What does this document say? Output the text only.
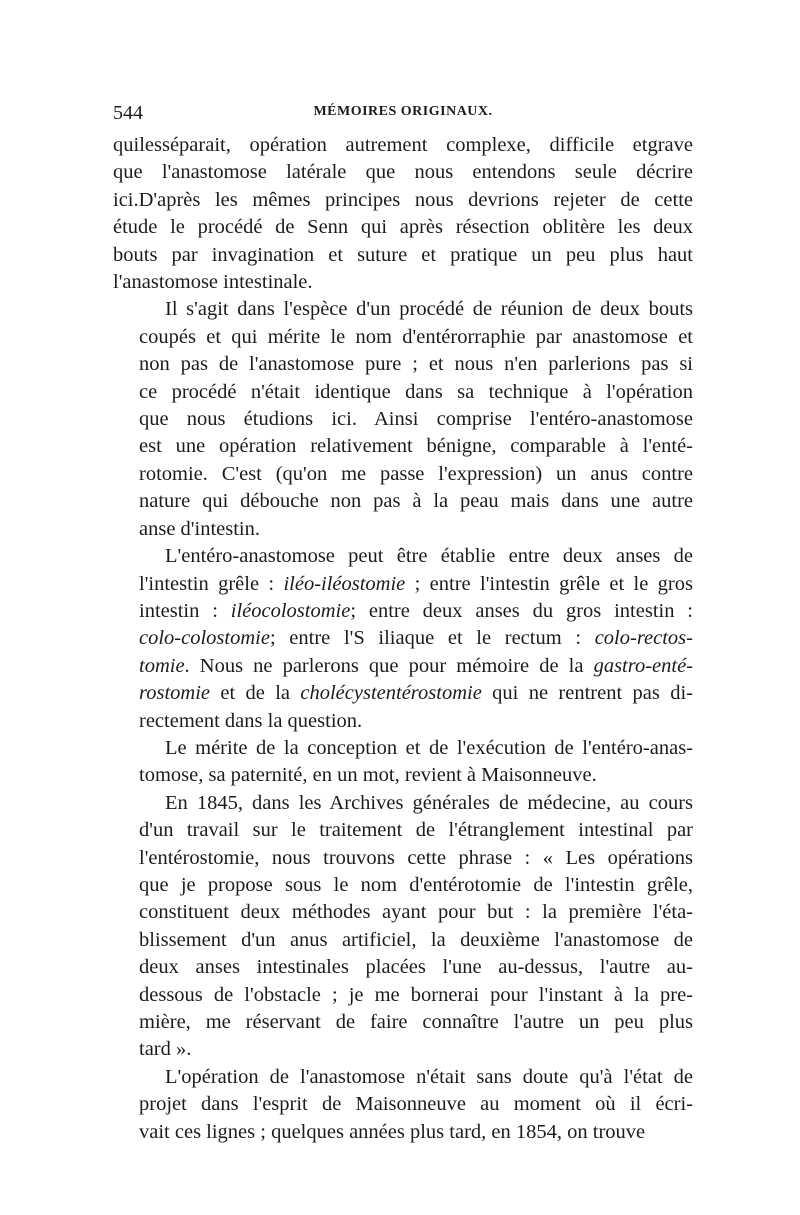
544	MÉMOIRES ORIGINAUX.
quilesséparait, opération autrement complexe, difficile etgrave
que l'anastomose latérale que nous entendons seule décrire
ici.D'après les mêmes principes nous devrions rejeter de cette
étude le procédé de Senn qui après résection oblitère les deux
bouts par invagination et suture et pratique un peu plus haut
l'anastomose intestinale.
Il s'agit dans l'espèce d'un procédé de réunion de deux bouts
coupés et qui mérite le nom d'entérorraphie par anastomose et
non pas de l'anastomose pure ; et nous n'en parlerions pas si
ce procédé n'était identique dans sa technique à l'opération
que nous étudions ici. Ainsi comprise l'entéro-anastomose
est une opération relativement bénigne, comparable à l'enté-
rotomie. C'est (qu'on me passe l'expression) un anus contre
nature qui débouche non pas à la peau mais dans une autre
anse d'intestin.
L'entéro-anastomose peut être établie entre deux anses de
l'intestin grêle : iléo-iléostomie ; entre l'intestin grêle et le gros
intestin : iléocolostomie; entre deux anses du gros intestin :
colo-colostomie; entre l'S iliaque et le rectum : colo-rectos-
tomie. Nous ne parlerons que pour mémoire de la gastro-enté-
rostomie et de la cholécystentérostomie qui ne rentrent pas di-
rectement dans la question.
Le mérite de la conception et de l'exécution de l'entéro-anas-
tomose, sa paternité, en un mot, revient à Maisonneuve.
En 1845, dans les Archives générales de médecine, au cours
d'un travail sur le traitement de l'étranglement intestinal par
l'entérostomie, nous trouvons cette phrase : « Les opérations
que je propose sous le nom d'entérotomie de l'intestin grêle,
constituent deux méthodes ayant pour but : la première l'éta-
blissement d'un anus artificiel, la deuxième l'anastomose de
deux anses intestinales placées l'une au-dessus, l'autre au-
dessous de l'obstacle ; je me bornerai pour l'instant à la pre-
mière, me réservant de faire connaître l'autre un peu plus
tard ».
L'opération de l'anastomose n'était sans doute qu'à l'état de
projet dans l'esprit de Maisonneuve au moment où il écri-
vait ces lignes ; quelques années plus tard, en 1854, on trouve
